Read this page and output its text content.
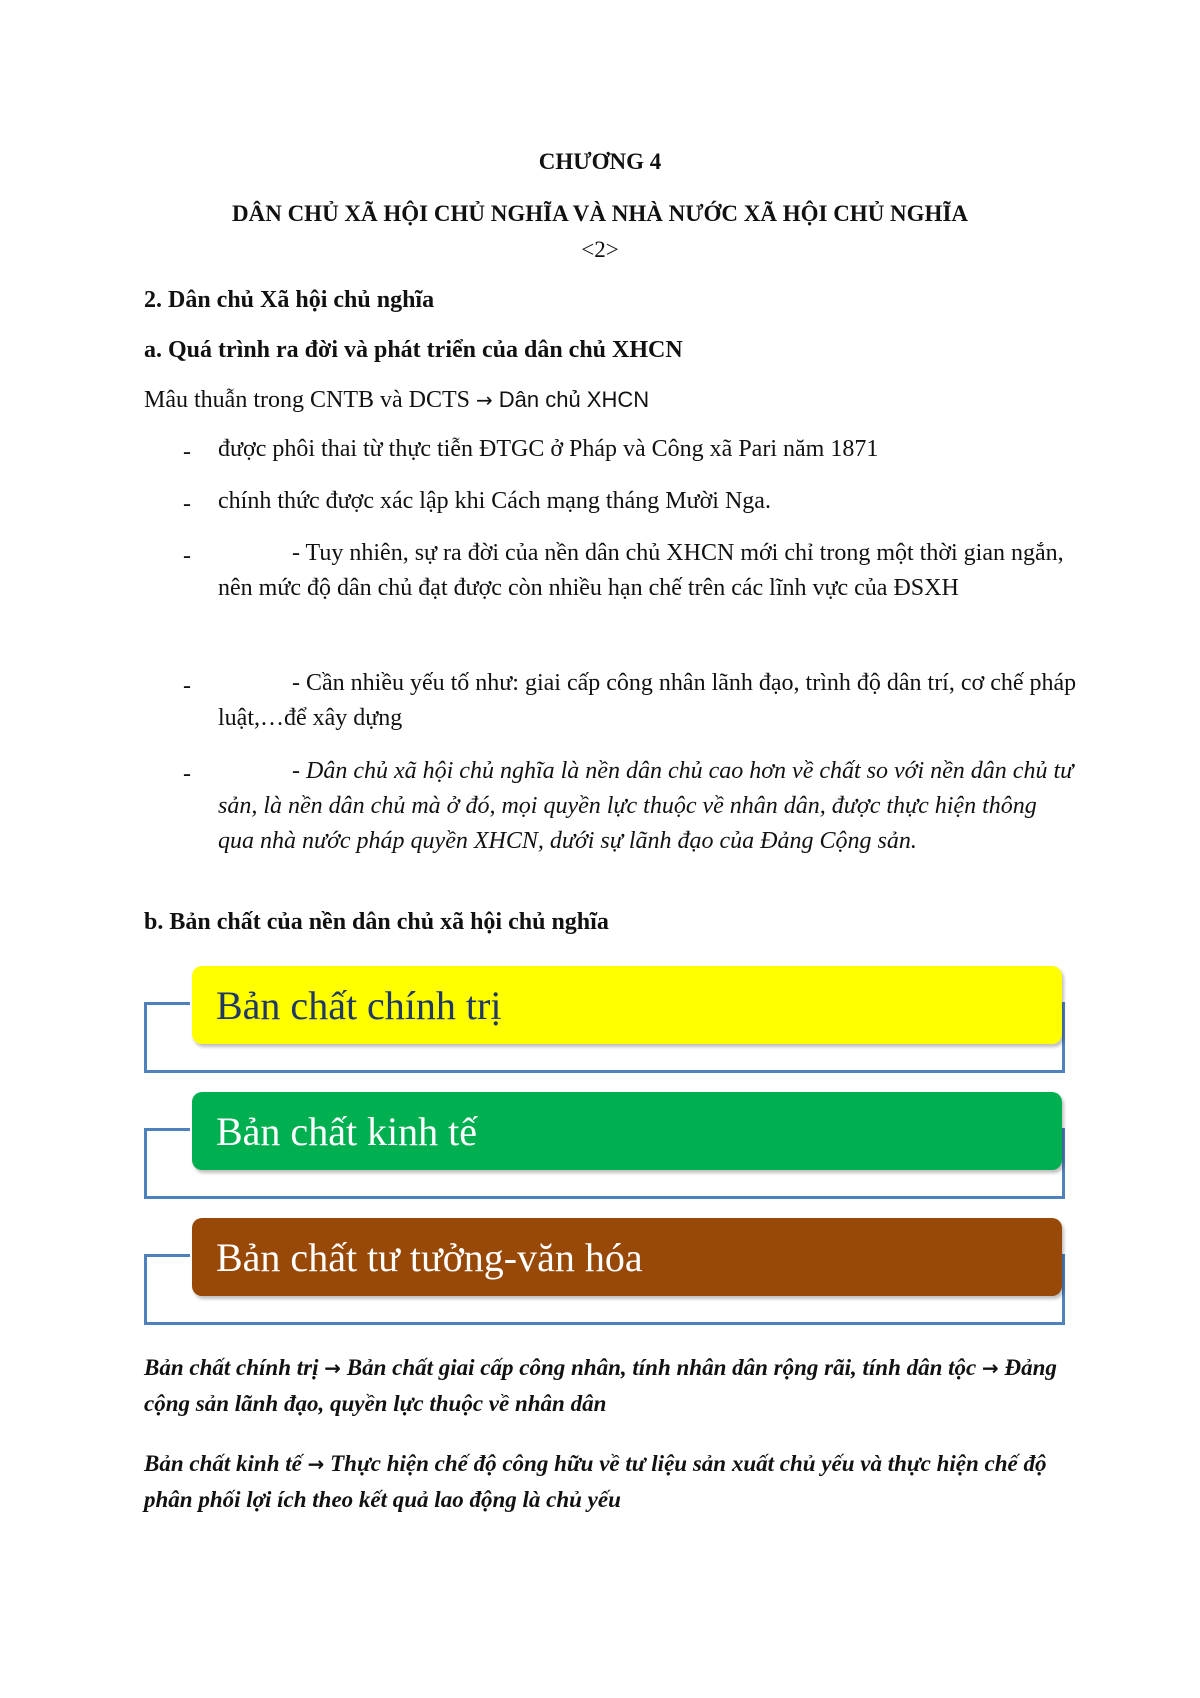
CHƯƠNG 4
DÂN CHỦ XÃ HỘI CHỦ NGHĨA VÀ NHÀ NƯỚC XÃ HỘI CHỦ NGHĨA
<2>
2. Dân chủ Xã hội chủ nghĩa
a. Quá trình ra đời và phát triển của dân chủ XHCN
Mâu thuẫn trong CNTB và DCTS → Dân chủ XHCN
- được phôi thai từ thực tiễn ĐTGC ở Pháp và Công xã Pari năm 1871
- chính thức được xác lập khi Cách mạng tháng Mười Nga.
-	- Tuy nhiên, sự ra đời của nền dân chủ XHCN mới chỉ trong một thời gian ngắn, nên mức độ dân chủ đạt được còn nhiều hạn chế trên các lĩnh vực của ĐSXH
-	- Cần nhiều yếu tố như: giai cấp công nhân lãnh đạo, trình độ dân trí, cơ chế pháp luật,…để xây dựng
-	- Dân chủ xã hội chủ nghĩa là nền dân chủ cao hơn về chất so với nền dân chủ tư sản, là nền dân chủ mà ở đó, mọi quyền lực thuộc về nhân dân, được thực hiện thông qua nhà nước pháp quyền XHCN, dưới sự lãnh đạo của Đảng Cộng sản.
b. Bản chất của nền dân chủ xã hội chủ nghĩa
Bản chất chính trị
Bản chất kinh tế
Bản chất tư tưởng-văn hóa
Bản chất chính trị → Bản chất giai cấp công nhân, tính nhân dân rộng rãi, tính dân tộc → Đảng cộng sản lãnh đạo, quyền lực thuộc về nhân dân
Bản chất kinh tế → Thực hiện chế độ công hữu về tư liệu sản xuất chủ yếu và thực hiện chế độ phân phối lợi ích theo kết quả lao động là chủ yếu
